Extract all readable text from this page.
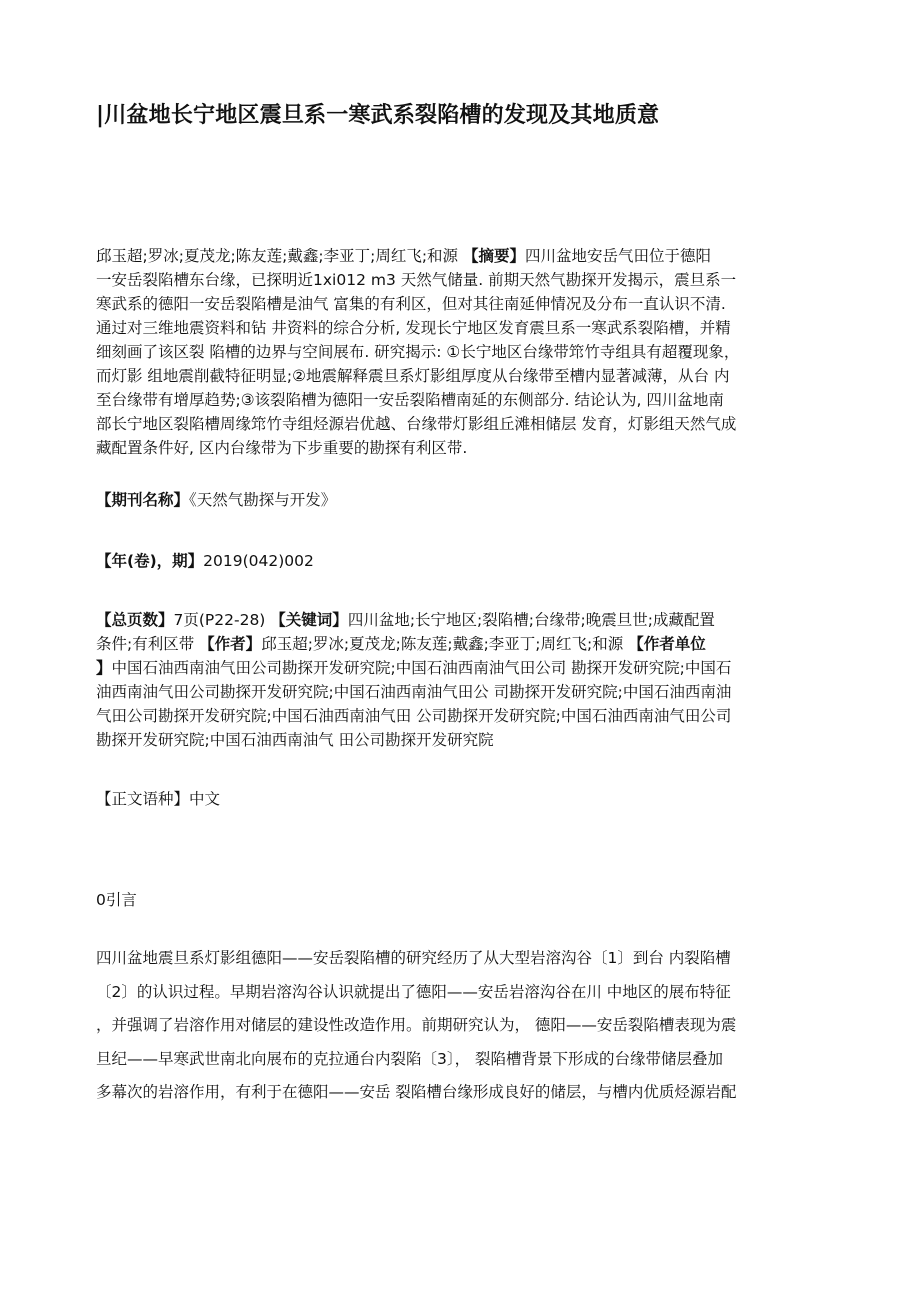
|川盆地长宁地区震旦系一寒武系裂陷槽的发现及其地质意
邱玉超;罗冰;夏茂龙;陈友莲;戴鑫;李亚丁;周红飞;和源 【摘要】四川盆地安岳气田位于德阳
一安岳裂陷槽东台缘，已探明近1xi012 m3 天然气储量. 前期天然气勘探开发揭示，震旦系一
寒武系的德阳一安岳裂陷槽是油气 富集的有利区，但对其往南延伸情况及分布一直认识不清.
通过对三维地震资料和钻 井资料的综合分析, 发现长宁地区发育震旦系一寒武系裂陷槽，并精
细刻画了该区裂 陷槽的边界与空间展布. 研究揭示: ①长宁地区台缘带筇竹寺组具有超覆现象，
而灯影 组地震削截特征明显;②地震解释震旦系灯影组厚度从台缘带至槽内显著减薄，从台 内
至台缘带有增厚趋势;③该裂陷槽为德阳一安岳裂陷槽南延的东侧部分. 结论认为, 四川盆地南
部长宁地区裂陷槽周缘筇竹寺组烃源岩优越、台缘带灯影组丘滩相储层 发育，灯影组天然气成
藏配置条件好, 区内台缘带为下步重要的勘探有利区带.
【期刊名称】《天然气勘探与开发》
【年(卷)，期】2019(042)002
【总页数】7页(P22-28) 【关键词】四川盆地;长宁地区;裂陷槽;台缘带;晚震旦世;成藏配置
条件;有利区带 【作者】邱玉超;罗冰;夏茂龙;陈友莲;戴鑫;李亚丁;周红飞;和源 【作者单位
】中国石油西南油气田公司勘探开发研究院;中国石油西南油气田公司 勘探开发研究院;中国石
油西南油气田公司勘探开发研究院;中国石油西南油气田公 司勘探开发研究院;中国石油西南油
气田公司勘探开发研究院;中国石油西南油气田 公司勘探开发研究院;中国石油西南油气田公司
勘探开发研究院;中国石油西南油气 田公司勘探开发研究院
【正文语种】中文
0引言
四川盆地震旦系灯影组德阳——安岳裂陷槽的研究经历了从大型岩溶沟谷〔1〕到台 内裂陷槽
〔2〕的认识过程。早期岩溶沟谷认识就提出了德阳——安岳岩溶沟谷在川 中地区的展布特征
，并强调了岩溶作用对储层的建设性改造作用。前期研究认为， 德阳——安岳裂陷槽表现为震
旦纪——早寒武世南北向展布的克拉通台内裂陷〔3〕， 裂陷槽背景下形成的台缘带储层叠加
多幕次的岩溶作用，有利于在德阳——安岳 裂陷槽台缘形成良好的储层，与槽内优质烃源岩配
